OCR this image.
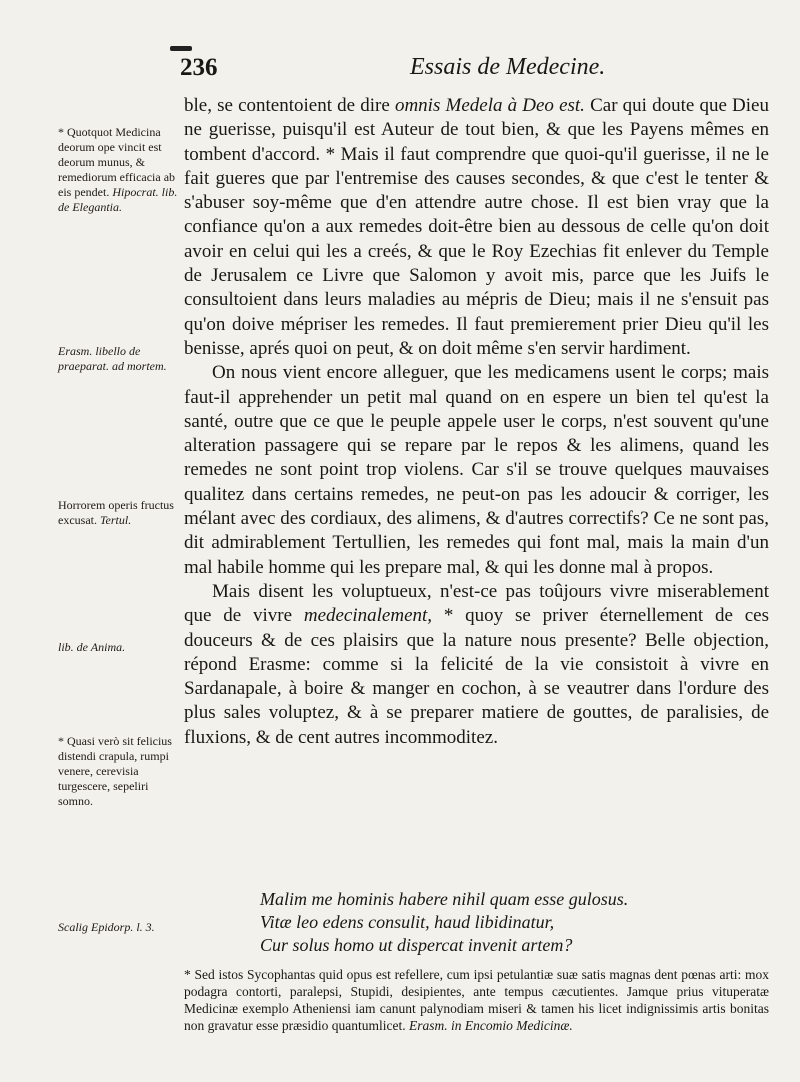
236	Essais de Medecine.
* Quotquot Medicina deorum ope vincit est deorum munus, & remediorum efficacia ab eis pendet. Hipocrat. lib. de Elegantia.
Erasm. libello de praeparat. ad mortem.
Horrorem operis fructus excusat. Tertul.
lib. de Anima.
* Quasi verò sit felicius distendi crapula, rumpi venere, cerevisia turgescere, sepeliri somno.
Scalig Epidorp. l. 3.

ble, se contentoient de dire omnis Medela à Deo est. Car qui doute que Dieu ne guerisse, puisqu'il est Auteur de tout bien, & que les Payens mêmes en tombent d'accord. * Mais il faut comprendre que quoi-qu'il guerisse, il ne le fait gueres que par l'entremise des causes secondes, & que c'est le tenter & s'abuser soy-même que d'en attendre autre chose. Il est bien vray que la confiance qu'on a aux remedes doit-être bien au dessous de celle qu'on doit avoir en celui qui les a creés, & que le Roy Ezechias fit enlever du Temple de Jerusalem ce Livre que Salomon y avoit mis, parce que les Juifs le consultoient dans leurs maladies au mépris de Dieu; mais il ne s'ensuit pas qu'on doive mépriser les remedes. Il faut premierement prier Dieu qu'il les benisse, aprés quoi on peut, & on doit même s'en servir hardiment.

On nous vient encore alleguer, que les medicamens usent le corps; mais faut-il apprehender un petit mal quand on en espere un bien tel qu'est la santé, outre que ce que le peuple appele user le corps, n'est souvent qu'une alteration passagere qui se repare par le repos & les alimens, quand les remedes ne sont point trop violens. Car s'il se trouve quelques mauvaises qualitez dans certains remedes, ne peut-on pas les adoucir & corriger, les mélant avec des cordiaux, des alimens, & d'autres correctifs? Ce ne sont pas, dit admirablement Tertullien, les remedes qui font mal, mais la main d'un mal habile homme qui les prepare mal, & qui les donne mal à propos.

Mais disent les voluptueux, n'est-ce pas toûjours vivre miserablement que de vivre medecinalement, * quoy se priver éternellement de ces douceurs & de ces plaisirs que la nature nous presente? Belle objection, répond Erasme: comme si la felicité de la vie consistoit à vivre en Sardanapale, à boire & manger en cochon, à se veautrer dans l'ordure des plus sales voluptez, & à se preparer matiere de gouttes, de paralisies, de fluxions, & de cent autres incommoditez.

Malim me hominis habere nihil quam esse gulosus.
Vitæ leo edens consulit, haud libidinatur,
Cur solus homo ut dispercat invenit artem?
* Sed istos Sycophantas quid opus est refellere, cum ipsi petulantiæ suæ satis magnas dent pœnas arti: mox podagra contorti, paralepsi, Stupidi, desipientes, ante tempus cæcutientes. Jamque prius vituperatæ Medicinæ exemplo Atheniensi iam canunt palynodiam miseri & tamen his licet indignissimis artis bonitas non gravatur esse præsidio quantumlicet. Erasm. in Encomio Medicinæ.
